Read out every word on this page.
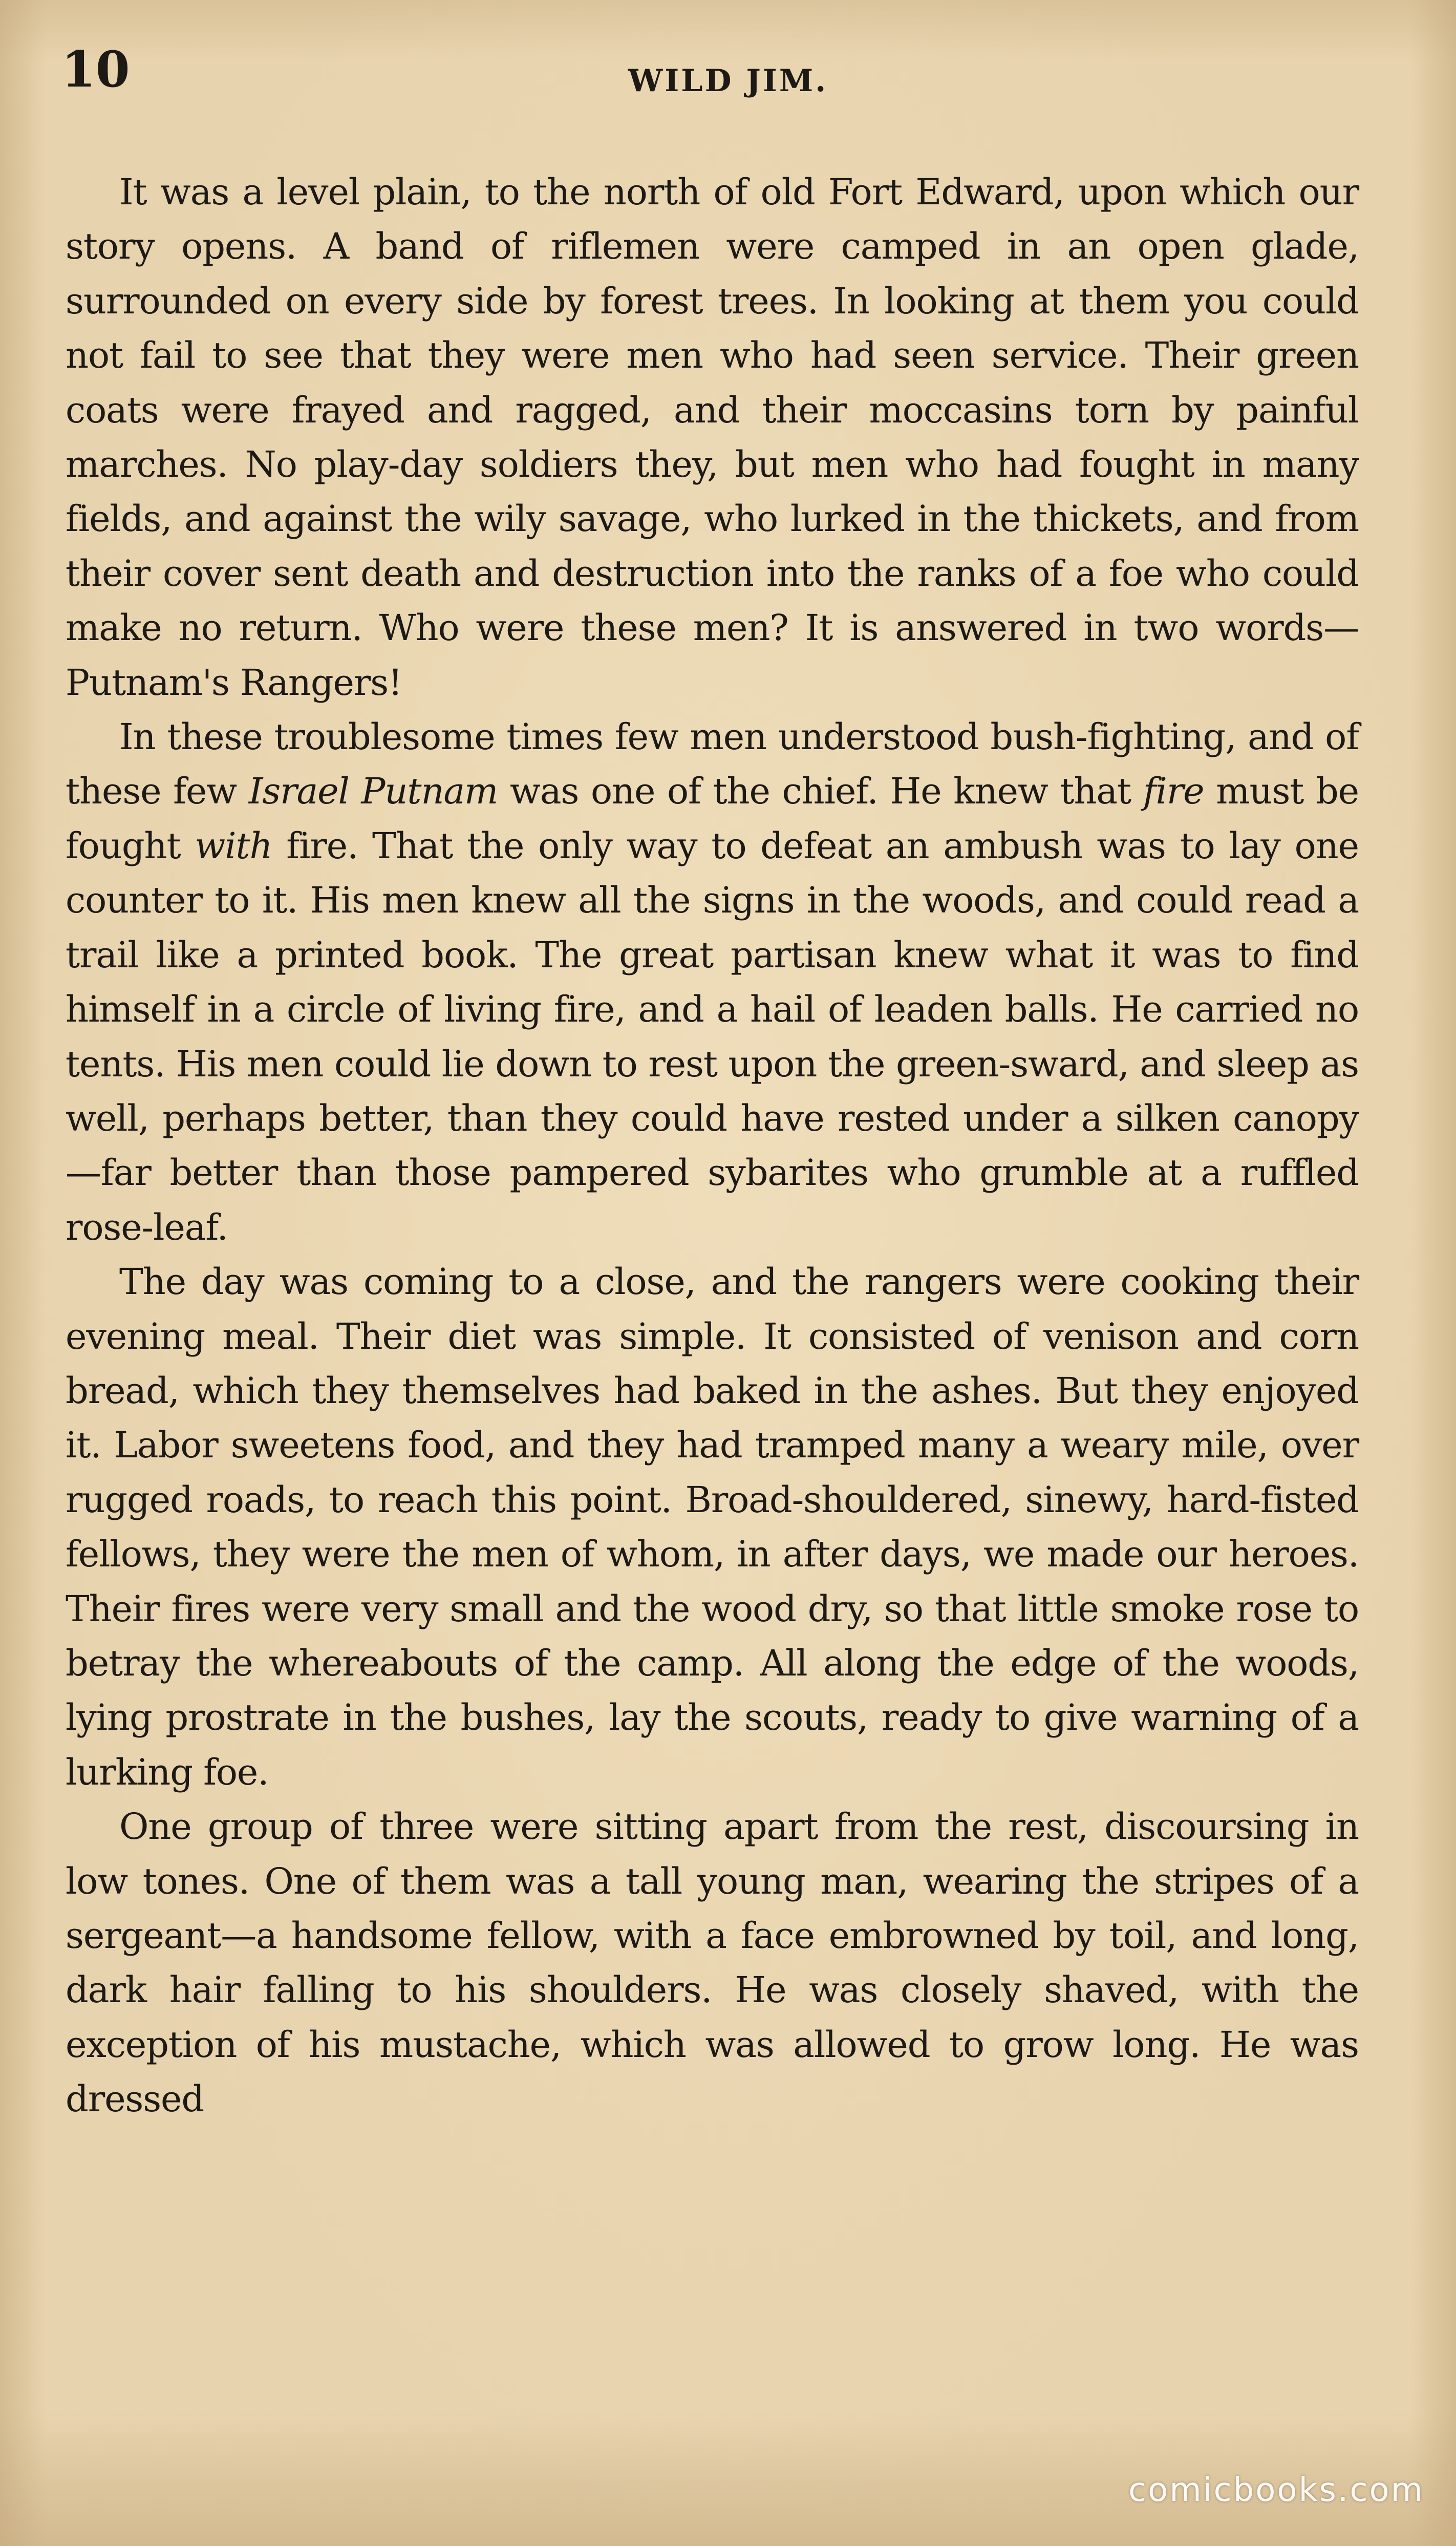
10	WILD JIM.

It was a level plain, to the north of old Fort Edward, upon which our story opens. A band of riflemen were camped in an open glade, surrounded on every side by forest trees. In looking at them you could not fail to see that they were men who had seen service. Their green coats were frayed and ragged, and their moccasins torn by painful marches. No play-day soldiers they, but men who had fought in many fields, and against the wily savage, who lurked in the thickets, and from their cover sent death and destruction into the ranks of a foe who could make no return. Who were these men? It is answered in two words—Putnam's Rangers!

In these troublesome times few men understood bush-fighting, and of these few Israel Putnam was one of the chief. He knew that fire must be fought with fire. That the only way to defeat an ambush was to lay one counter to it. His men knew all the signs in the woods, and could read a trail like a printed book. The great partisan knew what it was to find himself in a circle of living fire, and a hail of leaden balls. He carried no tents. His men could lie down to rest upon the green-sward, and sleep as well, perhaps better, than they could have rested under a silken canopy—far better than those pampered sybarites who grumble at a ruffled rose-leaf.

The day was coming to a close, and the rangers were cooking their evening meal. Their diet was simple. It consisted of venison and corn bread, which they themselves had baked in the ashes. But they enjoyed it. Labor sweetens food, and they had tramped many a weary mile, over rugged roads, to reach this point. Broad-shouldered, sinewy, hard-fisted fellows, they were the men of whom, in after days, we made our heroes. Their fires were very small and the wood dry, so that little smoke rose to betray the whereabouts of the camp. All along the edge of the woods, lying prostrate in the bushes, lay the scouts, ready to give warning of a lurking foe.

One group of three were sitting apart from the rest, discoursing in low tones. One of them was a tall young man, wearing the stripes of a sergeant—a handsome fellow, with a face embrowned by toil, and long, dark hair falling to his shoulders. He was closely shaved, with the exception of his mustache, which was allowed to grow long. He was dressed

comicbooks.com
